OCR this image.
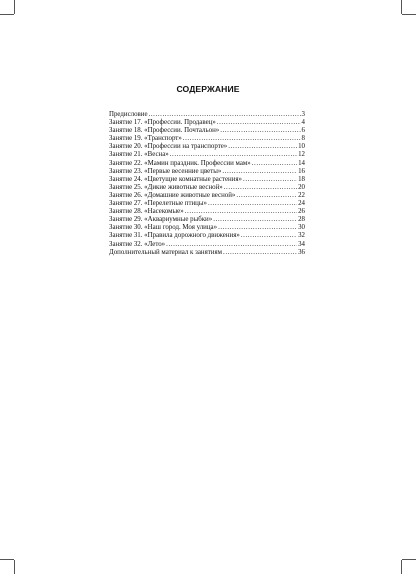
СОДЕРЖАНИЕ
Предисловие .....	3
Занятие 17. «Профессии. Продавец» .....	4
Занятие 18. «Профессии. Почтальон» .....	6
Занятие 19. «Транспорт» .....	8
Занятие 20. «Профессии на транспорте» .....	10
Занятие 21. «Весна» .....	12
Занятие 22. «Мамин праздник. Профессии мам» .....	14
Занятие 23. «Первые весенние цветы» .....	16
Занятие 24. «Цветущие комнатные растения» .....	18
Занятие 25. «Дикие животные весной» .....	20
Занятие 26. «Домашние животные весной» .....	22
Занятие 27. «Перелетные птицы» .....	24
Занятие 28. «Насекомые» .....	26
Занятие 29. «Аквариумные рыбки» .....	28
Занятие 30. «Наш город. Моя улица» .....	30
Занятие 31. «Правила дорожного движения» .....	32
Занятие 32. «Лето» .....	34
Дополнительный материал к занятиям .....	36
